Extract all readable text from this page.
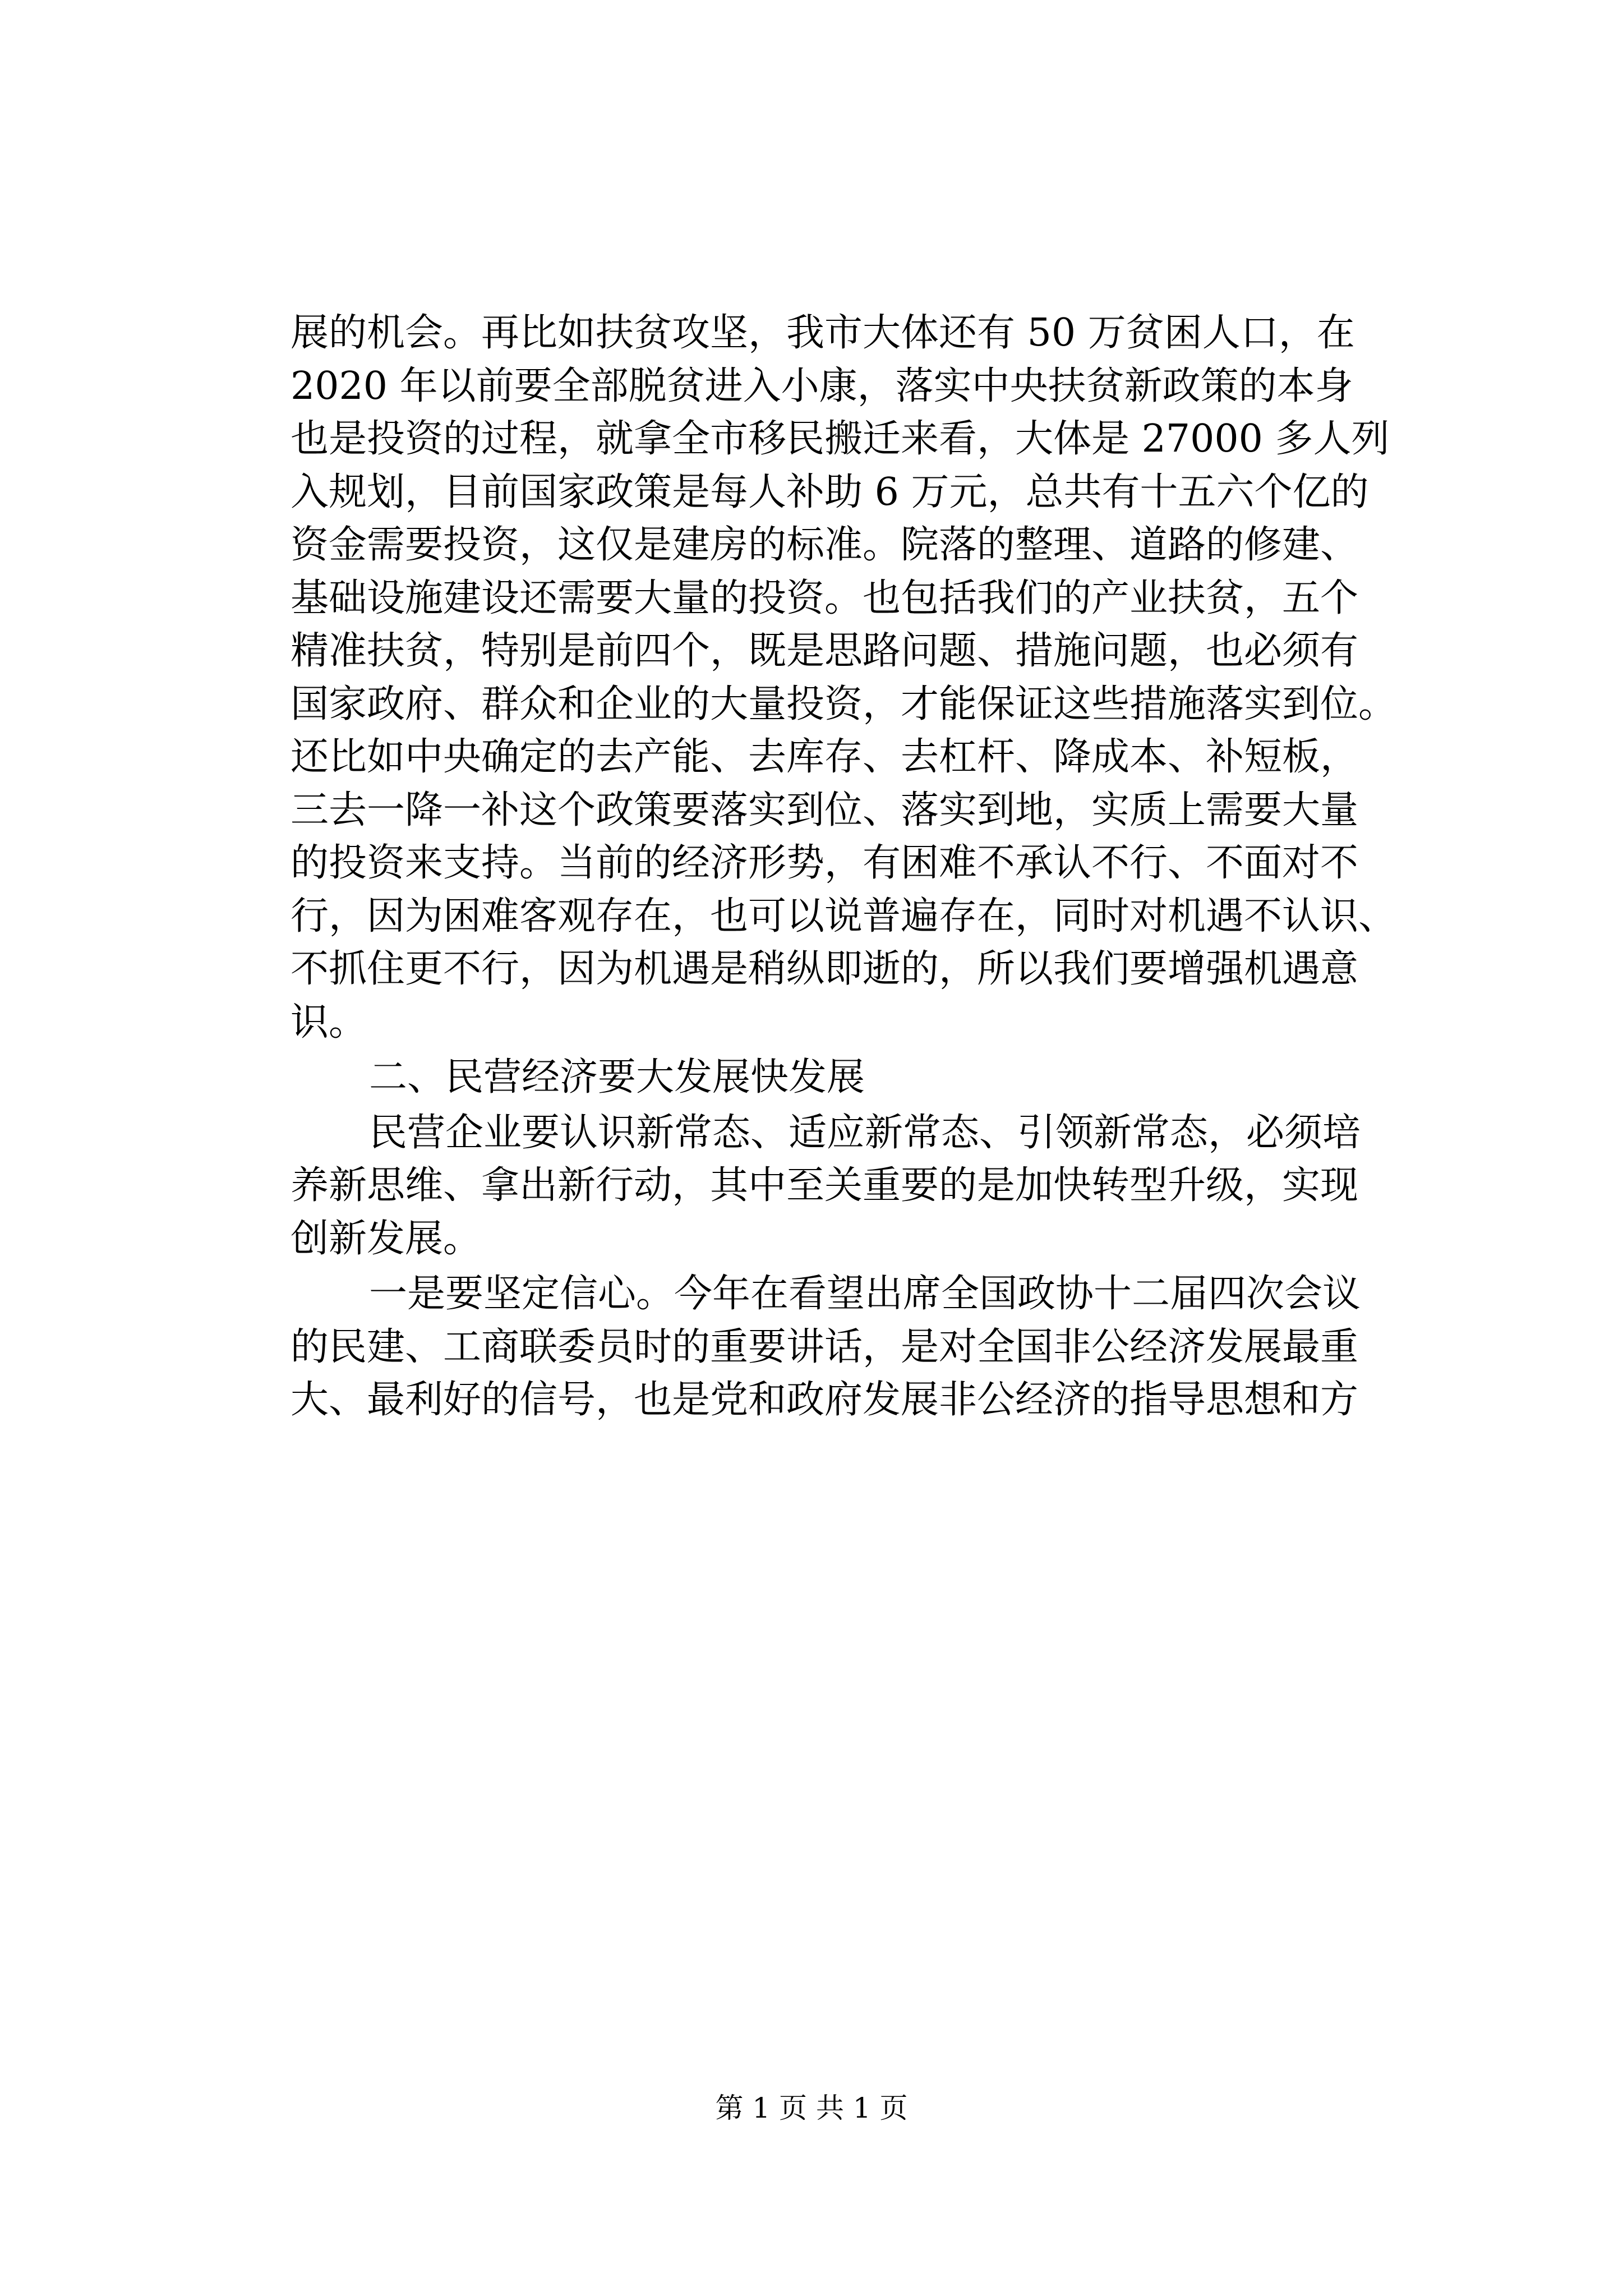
展的机会。再比如扶贫攻坚，我市大体还有 50 万贫困人口，在
2020 年以前要全部脱贫进入小康，落实中央扶贫新政策的本身
也是投资的过程，就拿全市移民搬迁来看，大体是 27000 多人列
入规划，目前国家政策是每人补助 6 万元，总共有十五六个亿的
资金需要投资，这仅是建房的标准。院落的整理、道路的修建、
基础设施建设还需要大量的投资。也包括我们的产业扶贫，五个
精准扶贫，特别是前四个，既是思路问题、措施问题，也必须有
国家政府、群众和企业的大量投资，才能保证这些措施落实到位。
还比如中央确定的去产能、去库存、去杠杆、降成本、补短板，
三去一降一补这个政策要落实到位、落实到地，实质上需要大量
的投资来支持。当前的经济形势，有困难不承认不行、不面对不
行，因为困难客观存在，也可以说普遍存在，同时对机遇不认识、
不抓住更不行，因为机遇是稍纵即逝的，所以我们要增强机遇意
识。
二、民营经济要大发展快发展
民营企业要认识新常态、适应新常态、引领新常态，必须培
养新思维、拿出新行动，其中至关重要的是加快转型升级，实现
创新发展。
一是要坚定信心。今年在看望出席全国政协十二届四次会议
的民建、工商联委员时的重要讲话，是对全国非公经济发展最重
大、最利好的信号，也是党和政府发展非公经济的指导思想和方
第 1 页 共 1 页
